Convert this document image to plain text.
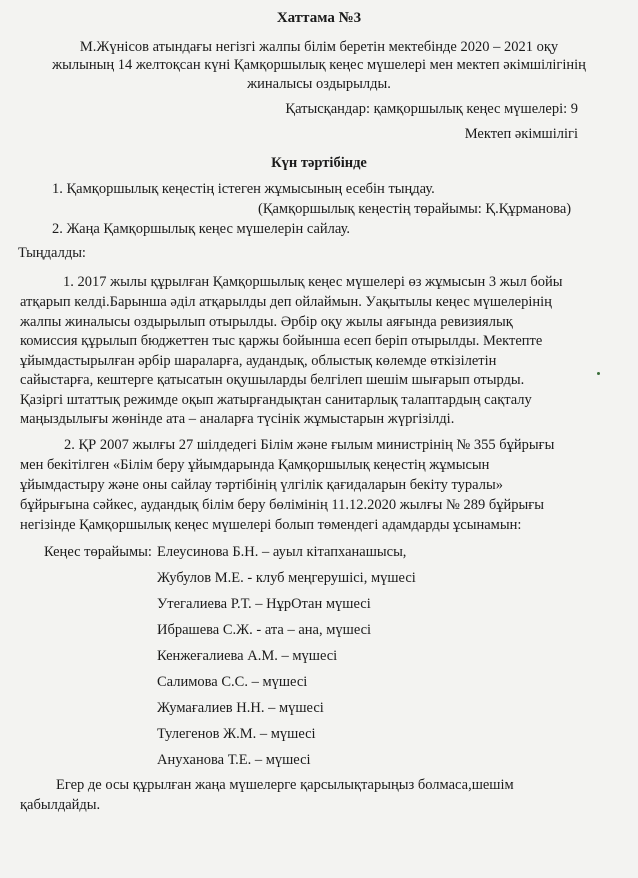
Хаттама №3
М.Жүнісов атындағы негізгі жалпы білім беретін мектебінде 2020 – 2021 оқу
жылының 14 желтоқсан күні Қамқоршылық кеңес мүшелері мен мектеп әкімшілігінің
жиналысы оздырылды.
Қатысқандар: қамқоршылық кеңес мүшелері: 9
Мектеп әкімшілігі
Күн тәртібінде
1. Қамқоршылық кеңестің істеген жұмысының есебін тыңдау.
(Қамқоршылық кеңестің төрайымы: Қ.Құрманова)
2. Жаңа Қамқоршылық кеңес мүшелерін сайлау.
Тыңдалды:
1. 2017 жылы құрылған Қамқоршылық кеңес мүшелері өз жұмысын 3 жыл бойы
атқарып келді.Барынша әділ атқарылды деп ойлаймын. Уақытылы кеңес мүшелерінің
жалпы жиналысы оздырылып отырылды. Әрбір оқу жылы аяғында ревизиялық
комиссия құрылып бюджеттен тыс қаржы бойынша есеп беріп отырылды. Мектепте
ұйымдастырылған әрбір шараларға, аудандық, облыстық көлемде өткізілетін
сайыстарға, кештерге қатысатын оқушыларды белгілеп шешім шығарып отырды.
Қазіргі штаттық режимде оқып жатырғандықтан санитарлық талаптардың сақталу
маңыздылығы жөнінде ата – аналарға түсінік жұмыстарын жүргізілді.
2. ҚР 2007 жылғы 27 шілдедегі Білім және ғылым министрінің № 355 бұйрығы
мен бекітілген «Білім беру ұйымдарында Қамқоршылық кеңестің жұмысын
ұйымдастыру және оны сайлау тәртібінің үлгілік қағидаларын бекіту туралы»
бұйрығына сәйкес, аудандық білім беру бөлімінің 11.12.2020 жылғы № 289 бұйрығы
негізінде Қамқоршылық кеңес мүшелері болып төмендегі адамдарды ұсынамын:
Кеңес төрайымы: Елеусинова Б.Н. – ауыл кітапханашысы,
Жубулов М.Е. - клуб меңгерушісі, мүшесі
Утегалиева Р.Т. – НұрОтан мүшесі
Ибрашева С.Ж. - ата – ана, мүшесі
Кенжеғалиева А.М. – мүшесі
Салимова С.С. – мүшесі
Жумағалиев Н.Н. – мүшесі
Тулегенов Ж.М. – мүшесі
Ануханова Т.Е. – мүшесі
Егер де осы құрылған жаңа мүшелерге қарсылықтарыңыз болмаса,шешім
қабылдайды.
